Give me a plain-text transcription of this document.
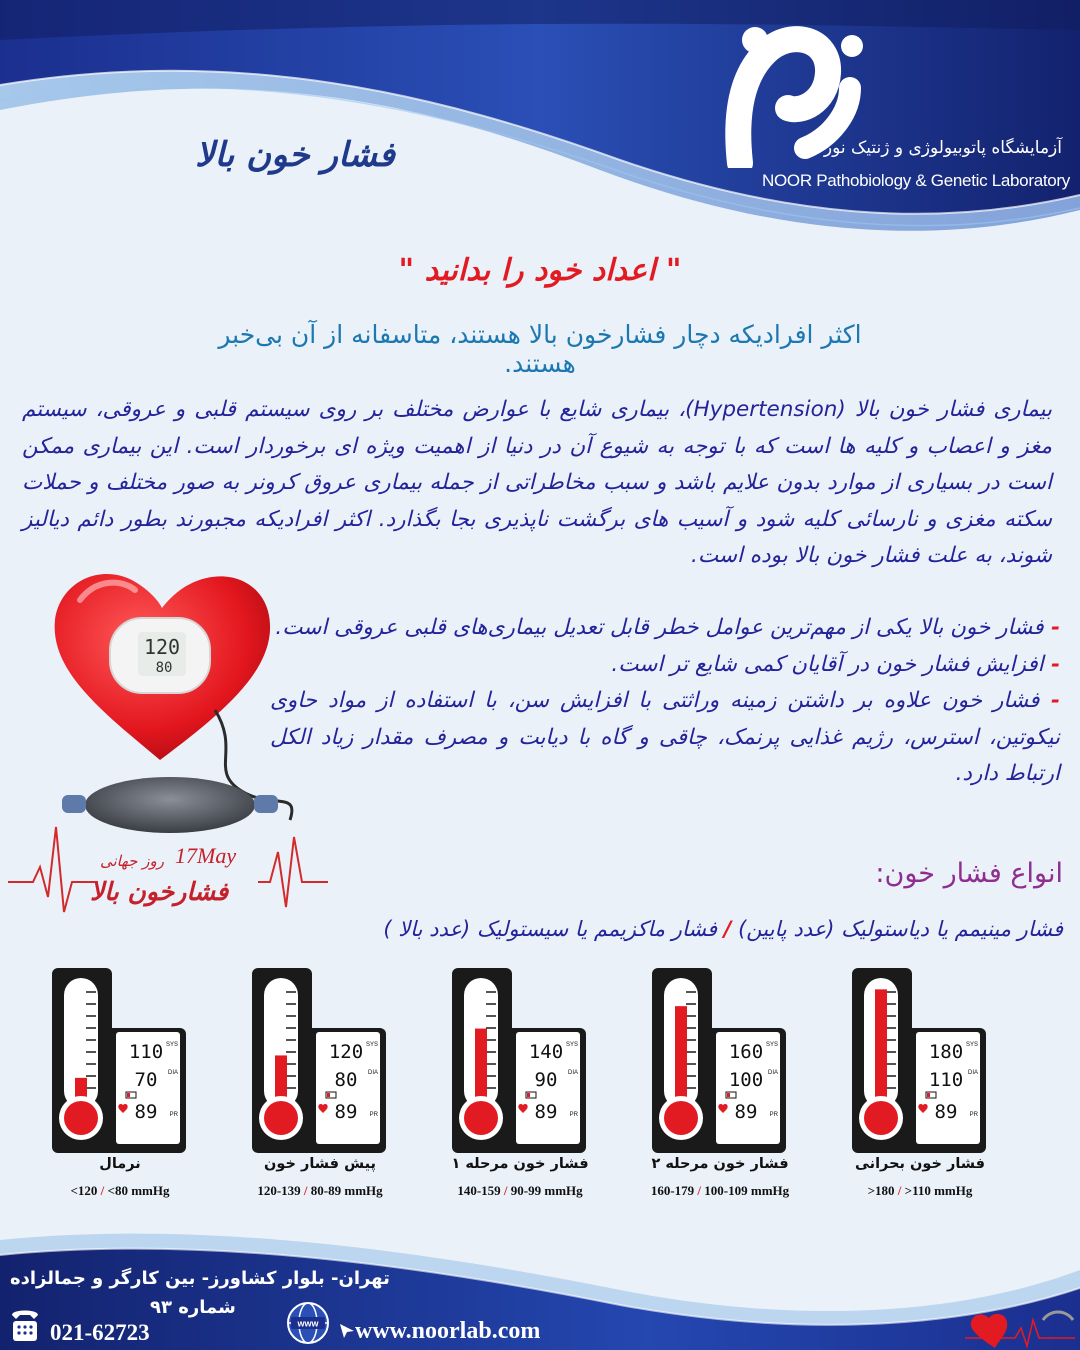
فشار خون بالا	آزمایشگاه پاتوبیولوژی و ژنتیک نور
NOOR Pathobiology & Genetic Laboratory
" اعداد خود را بدانید "
اکثر افرادیکه دچار فشارخون بالا هستند، متاسفانه از آن بی‌خبر هستند.
بیماری فشار خون بالا (Hypertension)، بیماری شایع با عوارض مختلف بر روی سیستم قلبی و عروقی، سیستم مغز و اعصاب و کلیه ها است که با توجه به شیوع آن در دنیا از اهمیت ویژه ای برخوردار است. این بیماری ممکن است در بسیاری از موارد بدون علایم باشد و سبب مخاطراتی از جمله بیماری عروق کرونر به صور مختلف و حملات سکته مغزی و نارسائی کلیه شود و آسیب های برگشت ناپذیری بجا بگذارد. اکثر افرادیکه مجبورند بطور دائم دیالیز شوند، به علت فشار خون بالا بوده است.
120
80

- فشار خون بالا یکی از مهم‌ترین عوامل خطر قابل تعدیل بیماری‌های قلبی عروقی است.

- افزایش فشار خون در آقایان کمی شایع تر است.

- فشار خون علاوه بر داشتن زمینه وراثتی با افزایش سن، با استفاده از مواد حاوی نیکوتین، استرس، رژیم غذایی پرنمک، چاقی و گاه با دیابت و مصرف مقدار زیاد الکل ارتباط دارد.

17May
روز جهانی
فشارخون بالا
انواع فشار خون:
فشار مینیمم یا دیاستولیک (عدد پایین) / فشار ماکزیمم یا سیستولیک (عدد بالا )
110
70
89
SYS
DIA
PR
نرمال
<120 / <80 mmHg
120
80
89
SYS
DIA
PR
پیش فشار خون
120-139 / 80-89 mmHg
140
90
89
SYS
DIA
PR
فشار خون مرحله ۱
140-159 / 90-99 mmHg
160
100
89
SYS
DIA
PR
فشار خون مرحله ۲
160-179 / 100-109 mmHg
180
110
89
SYS
DIA
PR
فشار خون بحرانی
>180 / >110 mmHg
تهران- بلوار کشاورز- بین کارگر و جمالزاده
شماره ۹۳
021-62723	www www.noorlab.com
